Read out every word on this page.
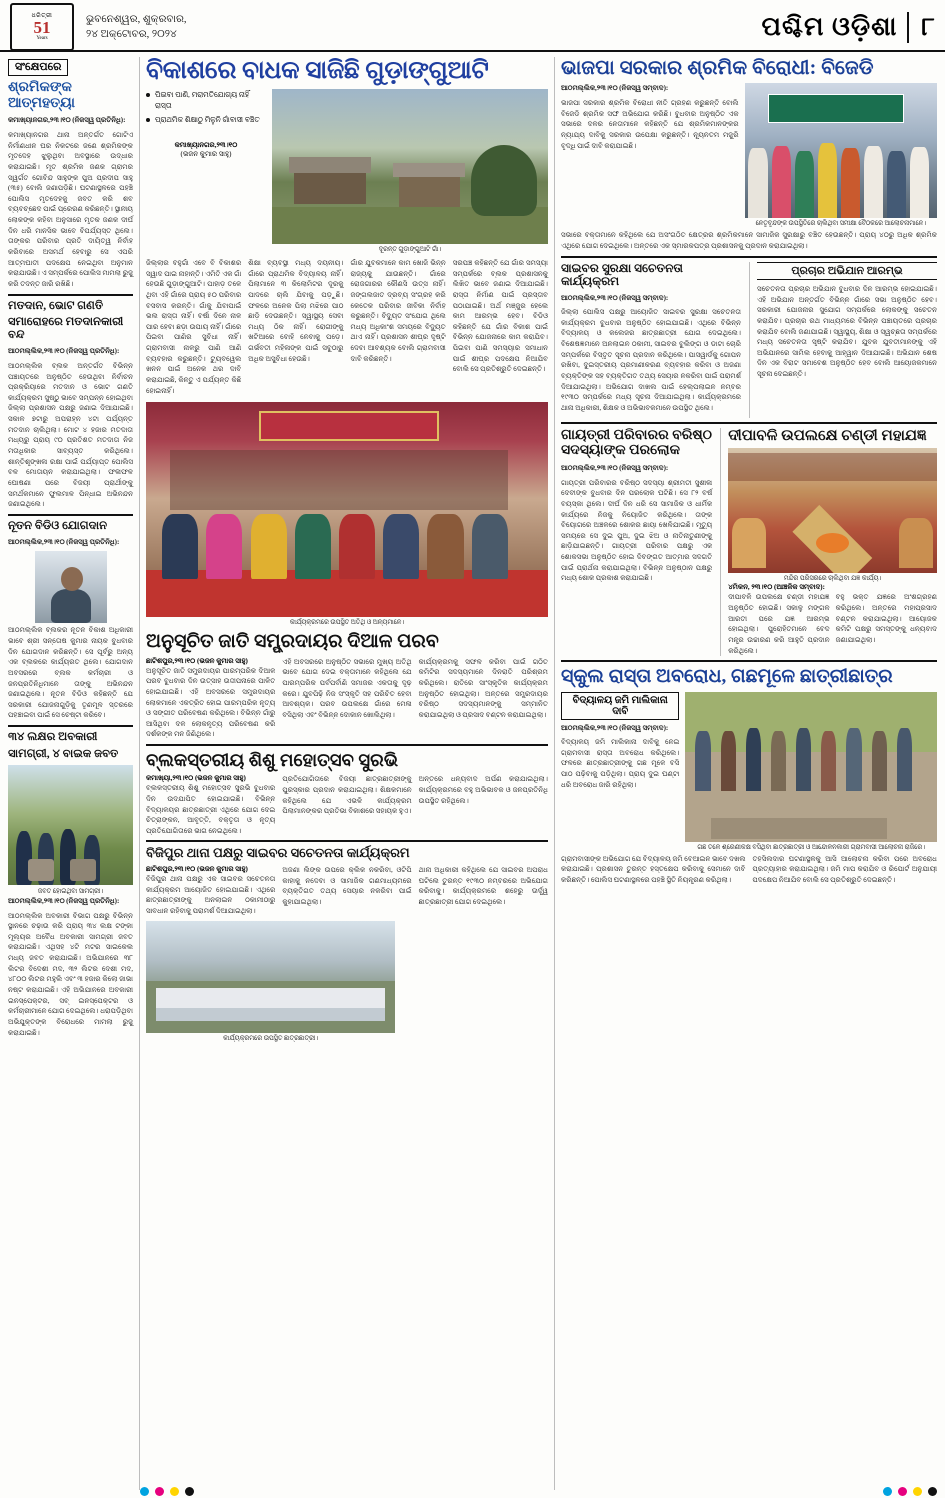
ଧରିତ୍ରୀ
51
Years
ଭୁବନେଶ୍ୱର, ଶୁକ୍ରବାର,
୨୪ ଅକ୍ଟୋବର, ୨୦୨୪	ପଶ୍ଚିମ ଓଡ଼ିଶା ୮
ସଂକ୍ଷେପରେ
ଶ୍ରମିକଙ୍କ ଆତ୍ମହତ୍ୟା

କମାଖ୍ୟାନଗର,୨୩।୧୦ (ନିଜସ୍ୱ ପ୍ରତିନିଧି):

କମାଖ୍ୟାନଗର ଥାନା ଅନ୍ତର୍ଗତ ଗୋଟିଏ ନିର୍ମାଣଧୀନ ଘର ନିକଟରେ ଜଣେ ଶ୍ରମିକଙ୍କ ମୃତଦେହ ଝୁଲୁଥିବା ଅବସ୍ଥାରେ ଉଦ୍ଧାର କରାଯାଇଛି। ମୃତ ଶ୍ରମିକ ଜଣକ ଗ୍ରାମର ସ୍ୱର୍ଗତ ଗୋବିନ୍ଦ ସାହୁଙ୍କ ପୁଅ ପ୍ରଦୀପ ସାହୁ (୩୫) ବୋଲି ଜଣାପଡ଼ିଛି। ଘଟଣାସ୍ଥଳରେ ପହଞ୍ଚି ପୋଲିସ ମୃତଦେହକୁ ଜବତ କରି ଶବ ବ୍ୟବଚ୍ଛେଦ ପାଇଁ ପ୍ରେରଣ କରିଛନ୍ତି। ସ୍ଥାନୀୟ ଲୋକଙ୍କ କହିବା ଅନୁସାରେ ମୃତକ ଜଣକ ଦୀର୍ଘ ଦିନ ଧରି ମାନସିକ ଭାବେ ବିପର୍ଯ୍ୟସ୍ତ ଥିଲେ। ତାଙ୍କର ପରିବାର ପ୍ରତି ଦାୟିତ୍ୱ ନିର୍ବାହ କରିବାରେ ଅସମର୍ଥ ହେବାରୁ ସେ ଏପରି ଆତ୍ମଘାତୀ ପଦକ୍ଷେପ ନେଇଥିବା ଅନୁମାନ କରାଯାଉଛି। ଏ ସମ୍ପର୍କରେ ପୋଲିସ ମାମଲା ରୁଜୁ କରି ତଦନ୍ତ ଜାରି ରଖିଛି।

ମତଦାନ, ଭୋଟ ଗଣତି
ସମାରୋହରେ ମତଦାନକାରୀ ବନ୍ଦ

ଆଠମଲ୍ଲିକ,୨୩।୧୦ (ନିଜସ୍ୱ ପ୍ରତିନିଧି):

ଆଠମଲ୍ଲିକ ବ୍ଲକ ଅନ୍ତର୍ଗତ ବିଭିନ୍ନ ପଞ୍ଚାୟତରେ ଅନୁଷ୍ଠିତ ହେଉଥିବା ନିର୍ବାଚନ ପ୍ରକ୍ରିୟାରେ ମତଦାନ ଓ ଭୋଟ ଗଣତି କାର୍ଯ୍ୟକ୍ରମ ସୁଷ୍ଠୁ ଭାବେ ସମ୍ପନ୍ନ ହୋଇଥିବା ଜିଲ୍ଲା ପ୍ରଶାସନ ପକ୍ଷରୁ ଜଣାଇ ଦିଆଯାଇଛି। ସକାଳ ୭ଟାରୁ ଅପରାହ୍ନ ୪ଟା ପର୍ଯ୍ୟନ୍ତ ମତଦାନ ଚାଲିଥିଲା। ମୋଟ ୪ ହଜାର ମତଦାତା ମଧ୍ୟରୁ ପ୍ରାୟ ୯୦ ପ୍ରତିଶତ ମତଦାତା ନିଜ ମତାଧିକାର ସାବ୍ୟସ୍ତ କରିଥିଲେ। ଶାନ୍ତିଶୃଙ୍ଖଳା ରକ୍ଷା ପାଇଁ ପର୍ଯ୍ୟାପ୍ତ ପୋଲିସ ବଳ ମୋତାୟନ କରାଯାଇଥିଲା। ଫଳାଫଳ ଘୋଷଣା ପରେ ବିଜୟୀ ପ୍ରାର୍ଥୀଙ୍କୁ ସମର୍ଥକମାନେ ଫୁଲମାଳ ପିନ୍ଧାଇ ଅଭିନନ୍ଦନ ଜଣାଇଥିଲେ।

ନୂତନ ବିଡିଓ ଯୋଗଦାନ

ଆଠମଲ୍ଲିକ,୨୩।୧୦ (ନିଜସ୍ୱ ପ୍ରତିନିଧି):

ଆଠମଲ୍ଲିକ ବ୍ଲକର ନୂତନ ବିକାଶ ଅଧିକାରୀ ଭାବେ ଶ୍ରୀ ସନ୍ତୋଷ କୁମାର ନାୟକ ବୁଧବାର ଦିନ ଯୋଗଦାନ କରିଛନ୍ତି। ସେ ପୂର୍ବରୁ ଅନ୍ୟ ଏକ ବ୍ଲକରେ କାର୍ଯ୍ୟରତ ଥିଲେ। ଯୋଗଦାନ ଅବସରରେ ବ୍ଲକ କର୍ମଚାରୀ ଓ ଜନପ୍ରତିନିଧିମାନେ ତାଙ୍କୁ ଅଭିନନ୍ଦନ ଜଣାଇଥିଲେ। ନୂତନ ବିଡିଓ କହିଛନ୍ତି ଯେ ସରକାରୀ ଯୋଜନାଗୁଡ଼ିକୁ ତୃଣମୂଳ ସ୍ତରରେ ପହଞ୍ଚାଇବା ପାଇଁ ସେ ଚେଷ୍ଟା କରିବେ।

୩୪ ଲକ୍ଷର ଅବକାରୀ
ସାମଗ୍ରୀ, ୪ ବାଇକ ଜବତ
ଜବତ ହୋଇଥିବା ସାମଗ୍ରୀ।

ଆଠମଲ୍ଲିକ,୨୩।୧୦ (ନିଜସ୍ୱ ପ୍ରତିନିଧି):

ଆଠମଲ୍ଲିକ ଅବକାରୀ ବିଭାଗ ପକ୍ଷରୁ ବିଭିନ୍ନ ସ୍ଥାନରେ ଚଢ଼ାଉ କରି ପ୍ରାୟ ୩୪ ଲକ୍ଷ ଟଙ୍କା ମୂଲ୍ୟର ଅବୈଧ ଅବକାରୀ ସାମଗ୍ରୀ ଜବତ କରାଯାଇଛି। ଏଥିସହ ୪ଟି ମଟର ସାଇକେଲ ମଧ୍ୟ ଜବତ କରାଯାଇଛି। ଅଭିଯାନରେ ୩୮ ଲିଟର ବିଦେଶୀ ମଦ, ୩୨ ଲିଟର ଦେଶୀ ମଦ, ୪୮୦୦ ଲିଟର ମହୁଲି ଏବଂ ୩ ହଜାର କିଲୋ ଜାଭା ନଷ୍ଟ କରାଯାଇଛି। ଏହି ଅଭିଯାନରେ ଅବକାରୀ ଇନସ୍ପେକ୍ଟର, ସବ୍‌ ଇନସ୍ପେକ୍ଟର ଓ କର୍ମଚାରୀମାନେ ଯୋଗ ଦେଇଥିଲେ। ଧରାପଡ଼ିଥିବା ଅଭିଯୁକ୍ତଙ୍କ ବିରୋଧରେ ମାମଲା ରୁଜୁ କରାଯାଇଛି।

ବିକାଶରେ ବାଧକ ସାଜିଛି ଗୁଡ଼ାଙ୍ଗୁଆଟି
ପିଇବା ପାଣି, ମରାମତିଯୋଗ୍ୟ ନାହିଁ ରାସ୍ତା
ପ୍ରାଥମିକ ଶିକ୍ଷାଠୁ ମିଳୁନି ଗାଁବାସୀ ବଞ୍ଚିତ
କମାଖ୍ୟାନଗର,୨୩।୧୦
(ଭଜନ କୁମାର ସାହୁ)
ଦୂରନ୍ତ ଗୁଡ଼ାଙ୍ଗୁଆଟି ଗାଁ।
ଜିଲ୍ଲାର ବହୁଗାଁ ଏବେ ବି ବିକାଶର ସ୍ୱାଦ ପାଇ ନାହାନ୍ତି। ଏମିତି ଏକ ଗାଁ ହେଉଛି ଗୁଡ଼ାଙ୍ଗୁଆଟି। ପାହାଡ଼ ତଳେ ଥିବା ଏହି ଗାଁରେ ପ୍ରାୟ ୫୦ ପରିବାର ବସବାସ କରନ୍ତି। ଗାଁକୁ ଯିବାପାଇଁ ଭଲ ରାସ୍ତା ନାହିଁ। ବର୍ଷା ଦିନେ ନାଳ ପାର ହେବା ଛଡ଼ା ଉପାୟ ନାହିଁ। ଗାଁରେ ପିଇବା ପାଣିର ସୁବିଧା ନାହିଁ। ଗ୍ରାମବାସୀ ନାଳରୁ ପାଣି ଆଣି ବ୍ୟବହାର କରୁଛନ୍ତି। ଟ୍ୟୁବୱେଲ ଖନନ ପାଇଁ ଅନେକ ଥର ଦାବି କରାଯାଇଛି, କିନ୍ତୁ ଏ ପର୍ଯ୍ୟନ୍ତ କିଛି ହୋଇନାହିଁ।
ଶିକ୍ଷା ବ୍ୟବସ୍ଥା ମଧ୍ୟ ଦୟନୀୟ। ଗାଁରେ ପ୍ରାଥମିକ ବିଦ୍ୟାଳୟ ନାହିଁ। ପିଲାମାନେ ୩ କିଲୋମିଟର ଦୂରକୁ ପାଦରେ ଚାଲି ଯିବାକୁ ପଡ଼ୁଛି। ଫଳରେ ଅନେକ ପିଲା ମଝିରେ ପାଠ ଛାଡ଼ି ଦେଉଛନ୍ତି। ସ୍ୱାସ୍ଥ୍ୟ ସେବା ମଧ୍ୟ ଠିକ ନାହିଁ। ରୋଗୀଙ୍କୁ ଖଟିଆରେ ବୋହି ନେବାକୁ ପଡ଼େ। ଗର୍ଭବତୀ ମହିଳାଙ୍କ ପାଇଁ ସବୁଠାରୁ ଅଧିକ ଅସୁବିଧା ହେଉଛି।
ଗାଁର ଯୁବକମାନେ କାମ ଖୋଜି ଭିନ୍ନ ରାଜ୍ୟକୁ ଯାଉଛନ୍ତି। ଗାଁରେ ରୋଜଗାରର କୌଣସି ଉତ୍ସ ନାହିଁ। ଜଙ୍ଗଲଜାତ ଦ୍ରବ୍ୟ ସଂଗ୍ରହ କରି କେତେକ ପରିବାର ଜୀବିକା ନିର୍ବାହ କରୁଛନ୍ତି। ବିଦ୍ୟୁତ ସଂଯୋଗ ଥିଲେ ମଧ୍ୟ ଅଧିକାଂଶ ସମୟରେ ବିଦ୍ୟୁତ ଥାଏ ନାହିଁ। ପ୍ରଶାସନ ଶୀଘ୍ର ଦୃଷ୍ଟି ଦେବା ଆବଶ୍ୟକ ବୋଲି ଗ୍ରାମବାସୀ ଦାବି କରିଛନ୍ତି।
ସରପଞ୍ଚ କହିଛନ୍ତି ଯେ ଗାଁର ସମସ୍ୟା ସମ୍ପର୍କରେ ବ୍ଲକ ପ୍ରଶାସନକୁ ଲିଖିତ ଭାବେ ଜଣାଇ ଦିଆଯାଇଛି। ରାସ୍ତା ନିର୍ମାଣ ପାଇଁ ପ୍ରସ୍ତାବ ପଠାଯାଇଛି। ଅର୍ଥ ମଞ୍ଜୁର ହେଲେ କାମ ଆରମ୍ଭ ହେବ। ବିଡିଓ କହିଛନ୍ତି ଯେ ଗାଁର ବିକାଶ ପାଇଁ ବିଭିନ୍ନ ଯୋଜନାରେ କାମ କରାଯିବ। ପିଇବା ପାଣି ସମସ୍ୟାର ସମାଧାନ ପାଇଁ ଶୀଘ୍ର ପଦକ୍ଷେପ ନିଆଯିବ ବୋଲି ସେ ପ୍ରତିଶ୍ରୁତି ଦେଇଛନ୍ତି।
କାର୍ଯ୍ୟକ୍ରମରେ ଉପସ୍ଥିତ ଅତିଥି ଓ ଅନ୍ୟମାନେ।
ଅନୁସୂଚିତ ଜାତି ସମ୍ପ୍ରଦାୟର ଦିଆଳ ପରବ
ଛାଟିଶପୁର,୨୩।୧୦ (ଭଜନ କୁମାର ସାହୁ)
ଅନୁସୂଚିତ ଜାତି ସମ୍ପ୍ରଦାୟର ପାରମ୍ପରିକ ଦିଆଳ ପରବ ବୁଧବାର ଦିନ ଉତ୍ସାହ ଉଦ୍ଦୀପନାରେ ପାଳିତ ହୋଇଯାଇଛି। ଏହି ଅବସରରେ ସମ୍ପ୍ରଦାୟର ଲୋକମାନେ ଏକତ୍ରିତ ହୋଇ ପାରମ୍ପରିକ ନୃତ୍ୟ ଓ ସଙ୍ଗୀତ ପରିବେଷଣ କରିଥିଲେ। ବିଭିନ୍ନ ଗାଁରୁ ଆସିଥିବା ଦଳ ଲୋକନୃତ୍ୟ ପରିବେଷଣ କରି ଦର୍ଶକଙ୍କ ମନ ଜିଣିଥିଲେ।
ଏହି ଅବସରରେ ଅନୁଷ୍ଠିତ ସଭାରେ ମୁଖ୍ୟ ଅତିଥି ଭାବେ ଯୋଗ ଦେଇ ବକ୍ତାମାନେ କହିଥିଲେ ଯେ ପାରମ୍ପରିକ ପର୍ବପର୍ବାଣି ସମାଜର ଏକତାକୁ ଦୃଢ଼ କରେ। ଯୁବପିଢ଼ି ନିଜ ସଂସ୍କୃତି ସହ ପରିଚିତ ହେବା ଆବଶ୍ୟକ। ପରବ ଉପଲକ୍ଷେ ଗାଁରେ ମେଳା ବସିଥିଲା ଏବଂ ବିଭିନ୍ନ ଦୋକାନ ଖୋଲିଥିଲା।
କାର୍ଯ୍ୟକ୍ରମକୁ ସଫଳ କରିବା ପାଇଁ ଗଠିତ କମିଟିର ସଦସ୍ୟମାନେ ଦିନରାତି ପରିଶ୍ରମ କରିଥିଲେ। ରାତିରେ ସାଂସ୍କୃତିକ କାର୍ଯ୍ୟକ୍ରମ ଅନୁଷ୍ଠିତ ହୋଇଥିଲା। ଅନ୍ତରେ ସମ୍ପ୍ରଦାୟର ବରିଷ୍ଠ ସଦସ୍ୟମାନଙ୍କୁ ସମ୍ମାନିତ କରାଯାଇଥିଲା ଓ ପ୍ରସାଦ ବଣ୍ଟନ କରାଯାଇଥିଲା।
ବ୍ଲକସ୍ତରୀୟ ଶିଶୁ ମହୋତ୍ସବ ସୁରଭି
କମାଖ୍ୟା,୨୩।୧୦ (ଭଜନ କୁମାର ସାହୁ)
ବ୍ଲକସ୍ତରୀୟ ଶିଶୁ ମହୋତ୍ସବ ସୁରଭି ବୁଧବାର ଦିନ ଉଦଯାପିତ ହୋଇଯାଇଛି। ବିଭିନ୍ନ ବିଦ୍ୟାଳୟର ଛାତ୍ରଛାତ୍ରୀ ଏଥିରେ ଯୋଗ ଦେଇ ଚିତ୍ରାଙ୍କନ, ଆବୃତ୍ତି, ବକ୍ତୃତା ଓ ନୃତ୍ୟ ପ୍ରତିଯୋଗିତାରେ ଭାଗ ନେଇଥିଲେ।
ପ୍ରତିଯୋଗିତାରେ ବିଜୟୀ ଛାତ୍ରଛାତ୍ରୀଙ୍କୁ ପୁରସ୍କାର ପ୍ରଦାନ କରାଯାଇଥିଲା। ଶିକ୍ଷକମାନେ କହିଥିଲେ ଯେ ଏଭଳି କାର୍ଯ୍ୟକ୍ରମ ପିଲାମାନଙ୍କର ପ୍ରତିଭା ବିକାଶରେ ସହାୟକ ହୁଏ।
ଅନ୍ତରେ ଧନ୍ୟବାଦ ଅର୍ପଣ କରାଯାଇଥିଲା। କାର୍ଯ୍ୟକ୍ରମରେ ବହୁ ଅଭିଭାବକ ଓ ଜନପ୍ରତିନିଧି ଉପସ୍ଥିତ ରହିଥିଲେ।
ବିଜିପୁର ଥାନା ପକ୍ଷରୁ ସାଇବର ସଚେତନତା କାର୍ଯ୍ୟକ୍ରମ
ଛାଟିଶପୁର,୨୩।୧୦ (ଭଜନ କୁମାର ସାହୁ)
ବିଜିପୁର ଥାନା ପକ୍ଷରୁ ଏକ ସାଇବର ସଚେତନତା କାର୍ଯ୍ୟକ୍ରମ ଆୟୋଜିତ ହୋଇଯାଇଛି। ଏଥିରେ ଛାତ୍ରଛାତ୍ରୀଙ୍କୁ ଅନଲାଇନ ଠକାମୀଠାରୁ ସାବଧାନ ରହିବାକୁ ପରାମର୍ଶ ଦିଆଯାଇଥିଲା।
ଅଜଣା ଲିଙ୍କ ଉପରେ କ୍ଲିକ ନକରିବା, ଓଟିପି କାହାକୁ ନଦେବା ଓ ସାମାଜିକ ଗଣମାଧ୍ୟମରେ ବ୍ୟକ୍ତିଗତ ତଥ୍ୟ ସେୟାର ନକରିବା ପାଇଁ କୁହାଯାଇଥିଲା।
ଥାନା ଅଧିକାରୀ କହିଥିଲେ ଯେ ସାଇବର ଅପରାଧ ଘଟିଲେ ତୁରନ୍ତ ୧୯୩୦ ନମ୍ବରରେ ଅଭିଯୋଗ କରିବାକୁ। କାର୍ଯ୍ୟକ୍ରମରେ ଶହେରୁ ଊର୍ଦ୍ଧ୍ୱ ଛାତ୍ରଛାତ୍ରୀ ଯୋଗ ଦେଇଥିଲେ।
କାର୍ଯ୍ୟକ୍ରମରେ ଉପସ୍ଥିତ ଛାତ୍ରଛାତ୍ରୀ।
ଭାଜପା ସରକାର ଶ୍ରମିକ ବିରୋଧୀ: ବିଜେଡି

ଆଠମଲ୍ଲିକ,୨୩।୧୦ (ନିଜସ୍ୱ ସମ୍ବାଦ):

ଭାଜପା ସରକାର ଶ୍ରମିକ ବିରୋଧୀ ନୀତି ଗ୍ରହଣ କରୁଛନ୍ତି ବୋଲି ବିଜେଡି ଶ୍ରମିକ ସଙ୍ଘ ଅଭିଯୋଗ କରିଛି। ବୁଧବାର ଅନୁଷ୍ଠିତ ଏକ ସଭାରେ ଦଳର ନେତାମାନେ କହିଛନ୍ତି ଯେ ଶ୍ରମିକମାନଙ୍କର ନ୍ୟାଯ୍ୟ ଦାବିକୁ ସରକାର ଉପେକ୍ଷା କରୁଛନ୍ତି। ନ୍ୟୂନତମ ମଜୁରି ବୃଦ୍ଧି ପାଇଁ ଦାବି କରାଯାଇଛି।

ନେତୃବୃନ୍ଦଙ୍କ ଉପସ୍ଥିତିରେ ଚାଲିଥିବା ସମୀକ୍ଷା ବୈଠକରେ ଆଲୋଚନାମାନେ।
ସଭାରେ ବକ୍ତାମାନେ କହିଥିଲେ ଯେ ଅସଂଗଠିତ କ୍ଷେତ୍ରର ଶ୍ରମିକମାନେ ସାମାଜିକ ସୁରକ୍ଷାରୁ ବଞ୍ଚିତ ହେଉଛନ୍ତି। ପ୍ରାୟ ୪୦ରୁ ଅଧିକ ଶ୍ରମିକ ଏଥିରେ ଯୋଗ ଦେଇଥିଲେ। ଅନ୍ତରେ ଏକ ସ୍ମାରକପତ୍ର ପ୍ରଶାସନକୁ ପ୍ରଦାନ କରାଯାଇଥିଲା।
ସାଇବର ସୁରକ୍ଷା ସଚେତନତା କାର୍ଯ୍ୟକ୍ରମ

ଆଠମଲ୍ଲିକ,୨୩।୧୦ (ନିଜସ୍ୱ ସମ୍ବାଦ):

ଜିଲ୍ଲା ପୋଲିସ ପକ୍ଷରୁ ଆୟୋଜିତ ସାଇବର ସୁରକ୍ଷା ସଚେତନତା କାର୍ଯ୍ୟକ୍ରମ ବୁଧବାର ଅନୁଷ୍ଠିତ ହୋଇଯାଇଛି। ଏଥିରେ ବିଭିନ୍ନ ବିଦ୍ୟାଳୟ ଓ କଲେଜର ଛାତ୍ରଛାତ୍ରୀ ଯୋଗ ଦେଇଥିଲେ। ବିଶେଷଜ୍ଞମାନେ ଅନଲାଇନ ଠକାମୀ, ସାଇବର ବୁଲିଙ୍ଗ ଓ ଡାଟା ଚୋରି ସମ୍ପର୍କରେ ବିସ୍ତୃତ ସୂଚନା ପ୍ରଦାନ କରିଥିଲେ। ପାସୱାର୍ଡକୁ ଗୋପନ ରଖିବା, ଦୁଇସ୍ତରୀୟ ପ୍ରମାଣୀକରଣ ବ୍ୟବହାର କରିବା ଓ ଅଜଣା ବ୍ୟକ୍ତିଙ୍କ ସହ ବ୍ୟକ୍ତିଗତ ତଥ୍ୟ ସେୟାର ନକରିବା ପାଇଁ ପରାମର୍ଶ ଦିଆଯାଇଥିଲା। ଅଭିଯୋଗ ଦାଖଲ ପାଇଁ ହେଲ୍ପଲାଇନ ନମ୍ବର ୧୯୩୦ ସମ୍ପର୍କରେ ମଧ୍ୟ ସୂଚନା ଦିଆଯାଇଥିଲା। କାର୍ଯ୍ୟକ୍ରମରେ ଥାନା ଅଧିକାରୀ, ଶିକ୍ଷକ ଓ ଅଭିଭାବକମାନେ ଉପସ୍ଥିତ ଥିଲେ।

ପ୍ରଚାର ଅଭିଯାନ ଆରମ୍ଭ
ସଚେତନତା ପ୍ରଚାର ଅଭିଯାନ ବୁଧବାର ଦିନ ଆରମ୍ଭ ହୋଇଯାଇଛି। ଏହି ଅଭିଯାନ ଅନ୍ତର୍ଗତ ବିଭିନ୍ନ ଗାଁରେ ସଭା ଅନୁଷ୍ଠିତ ହେବ। ସରକାରୀ ଯୋଜନାର ସୁଯୋଗ ସମ୍ପର୍କରେ ଲୋକଙ୍କୁ ସଚେତନ କରାଯିବ। ପ୍ରଚାର ରଥ ମାଧ୍ୟମରେ ବିଭିନ୍ନ ପଞ୍ଚାୟତରେ ପ୍ରଚାର କରାଯିବ ବୋଲି ଜଣାଯାଇଛି। ସ୍ୱାସ୍ଥ୍ୟ, ଶିକ୍ଷା ଓ ସ୍ୱଚ୍ଛତା ସମ୍ପର୍କରେ ମଧ୍ୟ ସଚେତନତା ସୃଷ୍ଟି କରାଯିବ। ଯୁବକ ଯୁବତୀମାନଙ୍କୁ ଏହି ଅଭିଯାନରେ ସାମିଲ ହେବାକୁ ଆହ୍ୱାନ ଦିଆଯାଇଛି। ଅଭିଯାନ ଶେଷ ଦିନ ଏକ ବିରାଟ ସମାବେଶ ଅନୁଷ୍ଠିତ ହେବ ବୋଲି ଆୟୋଜକମାନେ ସୂଚନା ଦେଇଛନ୍ତି।
ଗାୟତ୍ରୀ ପରିବାରର ବରିଷ୍ଠ ସଦସ୍ୟାଙ୍କ ପରଲୋକ

ଆଠମଲ୍ଲିକ,୨୩।୧୦ (ନିଜସ୍ୱ ସମ୍ବାଦ):

ଗାୟତ୍ରୀ ପରିବାରର ବରିଷ୍ଠ ସଦସ୍ୟା ଶ୍ରୀମତୀ ସୁଶୀଳା ଦେବୀଙ୍କ ବୁଧବାର ଦିନ ପରଲୋକ ଘଟିଛି। ସେ ୮୨ ବର୍ଷ ବୟସ୍କା ଥିଲେ। ଦୀର୍ଘ ଦିନ ଧରି ସେ ସାମାଜିକ ଓ ଧାର୍ମିକ କାର୍ଯ୍ୟରେ ନିଜକୁ ନିୟୋଜିତ କରିଥିଲେ। ତାଙ୍କ ବିୟୋଗରେ ଅଞ୍ଚଳରେ ଶୋକର ଛାୟା ଖେଳିଯାଇଛି। ମୃତ୍ୟୁ ସମୟରେ ସେ ଦୁଇ ପୁଅ, ଦୁଇ ଝିଅ ଓ ନାତିନାତୁଣୀଙ୍କୁ ଛାଡ଼ିଯାଇଛନ୍ତି। ଗାୟତ୍ରୀ ପରିବାର ପକ୍ଷରୁ ଏକ ଶୋକସଭା ଅନୁଷ୍ଠିତ ହୋଇ ଦିବଙ୍ଗତ ଆତ୍ମାର ସଦଗତି ପାଇଁ ପ୍ରାର୍ଥନା କରାଯାଇଥିଲା। ବିଭିନ୍ନ ଅନୁଷ୍ଠାନ ପକ୍ଷରୁ ମଧ୍ୟ ଶୋକ ପ୍ରକାଶ କରାଯାଇଛି।

ଦୀପାବଳି ଉପଲକ୍ଷେ ଚଣ୍ଡୀ ମହାଯଜ୍ଞ
ମନ୍ଦିର ପରିସରରେ ଚାଲିଥିବା ଯଜ୍ଞ କାର୍ଯ୍ୟ।
୪ମିକନ, ୨୩।୧୦ (ଆଞ୍ଚଳିକ ସମ୍ବାଦ):
ଦୀପାବଳି ଉପଲକ୍ଷେ ଚଣ୍ଡୀ ମହାଯଜ୍ଞ ଅନୁଷ୍ଠିତ ହୋଇଛି। ସକାଳୁ ମଙ୍ଗଳ ଆରତୀ ପରେ ଯଜ୍ଞ ଆରମ୍ଭ ହୋଇଥିଲା। ପୁରୋହିତମାନେ ବେଦ ମନ୍ତ୍ର ଉଚ୍ଚାରଣ କରି ଆହୁତି ପ୍ରଦାନ କରିଥିଲେ।
ବହୁ ଭକ୍ତ ଯଜ୍ଞରେ ଅଂଶଗ୍ରହଣ କରିଥିଲେ। ଅନ୍ତରେ ମହାପ୍ରସାଦ ବଣ୍ଟନ କରାଯାଇଥିଲା। ଆୟୋଜକ କମିଟି ପକ୍ଷରୁ ସମସ୍ତଙ୍କୁ ଧନ୍ୟବାଦ ଜଣାଯାଇଥିଲା।
ସ୍କୁଲ ରାସ୍ତା ଅବରୋଧ, ଗଛମୂଳେ ଛାତ୍ରୀଛାତ୍ର
ବିଦ୍ୟାଳୟ ଜମି ମାଲିକାନା ଦାବି

ଆଠମଲ୍ଲିକ,୨୩।୧୦ (ନିଜସ୍ୱ ସମ୍ବାଦ):

ବିଦ୍ୟାଳୟ ଜମି ମାଲିକାନା ଦାବିକୁ ନେଇ ଗ୍ରାମବାସୀ ରାସ୍ତା ଅବରୋଧ କରିଥିଲେ। ଫଳରେ ଛାତ୍ରଛାତ୍ରୀଙ୍କୁ ଗଛ ମୂଳେ ବସି ପାଠ ପଢ଼ିବାକୁ ପଡ଼ିଥିଲା। ପ୍ରାୟ ଦୁଇ ଘଣ୍ଟା ଧରି ଅବରୋଧ ଜାରି ରହିଥିଲା।

ଗଛ ତଳେ ଶ୍ରେଣୀକକ୍ଷ ବସିଥିବା ଛାତ୍ରଛାତ୍ରୀ ଓ ଆନ୍ଦୋଳନକାରୀ ଗ୍ରାମବାସୀ ଆଲୋଚନା ରାଜିରେ।
ଗ୍ରାମବାସୀଙ୍କ ଅଭିଯୋଗ ଯେ ବିଦ୍ୟାଳୟ ଜମି ବେଆଇନ ଭାବେ ଦଖଲ କରାଯାଇଛି। ପ୍ରଶାସନ ତୁରନ୍ତ ହସ୍ତକ୍ଷେପ କରିବାକୁ ସେମାନେ ଦାବି କରିଛନ୍ତି। ପୋଲିସ ଘଟଣାସ୍ଥଳରେ ପହଞ୍ଚି ସ୍ଥିତି ନିୟନ୍ତ୍ରଣ କରିଥିଲା।
ତହସିଲଦାର ଘଟଣାସ୍ଥଳକୁ ଆସି ଆଲୋଚନା କରିବା ପରେ ଅବରୋଧ ପ୍ରତ୍ୟାହାର କରାଯାଇଥିଲା। ଜମି ମାପ କରାଯିବ ଓ ରିପୋର୍ଟ ଅନୁଯାୟୀ ପଦକ୍ଷେପ ନିଆଯିବ ବୋଲି ସେ ପ୍ରତିଶ୍ରୁତି ଦେଇଛନ୍ତି।
